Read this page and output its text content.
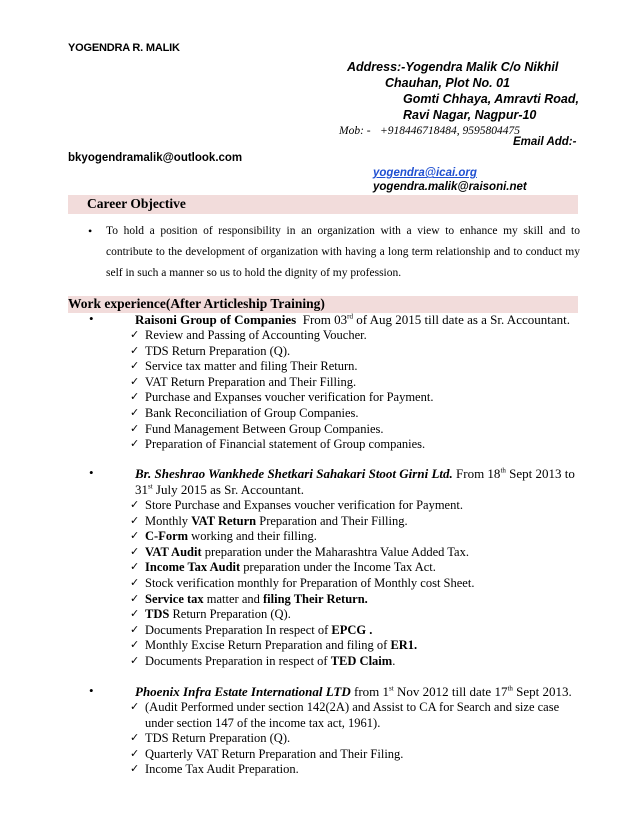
YOGENDRA R. MALIK
Address:-Yogendra Malik C/o Nikhil
Chauhan, Plot No. 01
Gomti Chhaya, Amravti Road,
Ravi Nagar, Nagpur-10
Mob: - +918446718484, 9595804475
Email Add:-
bkyogendramalik@outlook.com
yogendra@icai.org
yogendra.malik@raisoni.net
Career Objective
• To hold a position of responsibility in an organization with a view to enhance my skill and to contribute to the development of organization with having a long term relationship and to conduct my self in such a manner so us to hold the dignity of my profession.
Work experience(After Articleship Training)
•	Raisoni Group of Companies From 03rd of Aug 2015 till date as a Sr. Accountant.
✓ Review and Passing of Accounting Voucher.
✓ TDS Return Preparation (Q).
✓ Service tax matter and filing Their Return.
✓ VAT Return Preparation and Their Filling.
✓ Purchase and Expanses voucher verification for Payment.
✓ Bank Reconciliation of Group Companies.
✓ Fund Management Between Group Companies.
✓ Preparation of Financial statement of Group companies.
•	Br. Sheshrao Wankhede Shetkari Sahakari Stoot Girni Ltd. From 18th Sept 2013 to
31st July 2015 as Sr. Accountant.
✓ Store Purchase and Expanses voucher verification for Payment.
✓ Monthly VAT Return Preparation and Their Filling.
✓ C-Form working and their filling.
✓ VAT Audit preparation under the Maharashtra Value Added Tax.
✓ Income Tax Audit preparation under the Income Tax Act.
✓ Stock verification monthly for Preparation of Monthly cost Sheet.
✓ Service tax matter and filing Their Return.
✓ TDS Return Preparation (Q).
✓ Documents Preparation In respect of EPCG .
✓ Monthly Excise Return Preparation and filing of ER1.
✓ Documents Preparation in respect of TED Claim.
•	Phoenix Infra Estate International LTD from 1st Nov 2012 till date 17th Sept 2013.
✓ (Audit Performed under section 142(2A) and Assist to CA for Search and size case under section 147 of the income tax act, 1961).
✓ TDS Return Preparation (Q).
✓ Quarterly VAT Return Preparation and Their Filing.
✓ Income Tax Audit Preparation.
